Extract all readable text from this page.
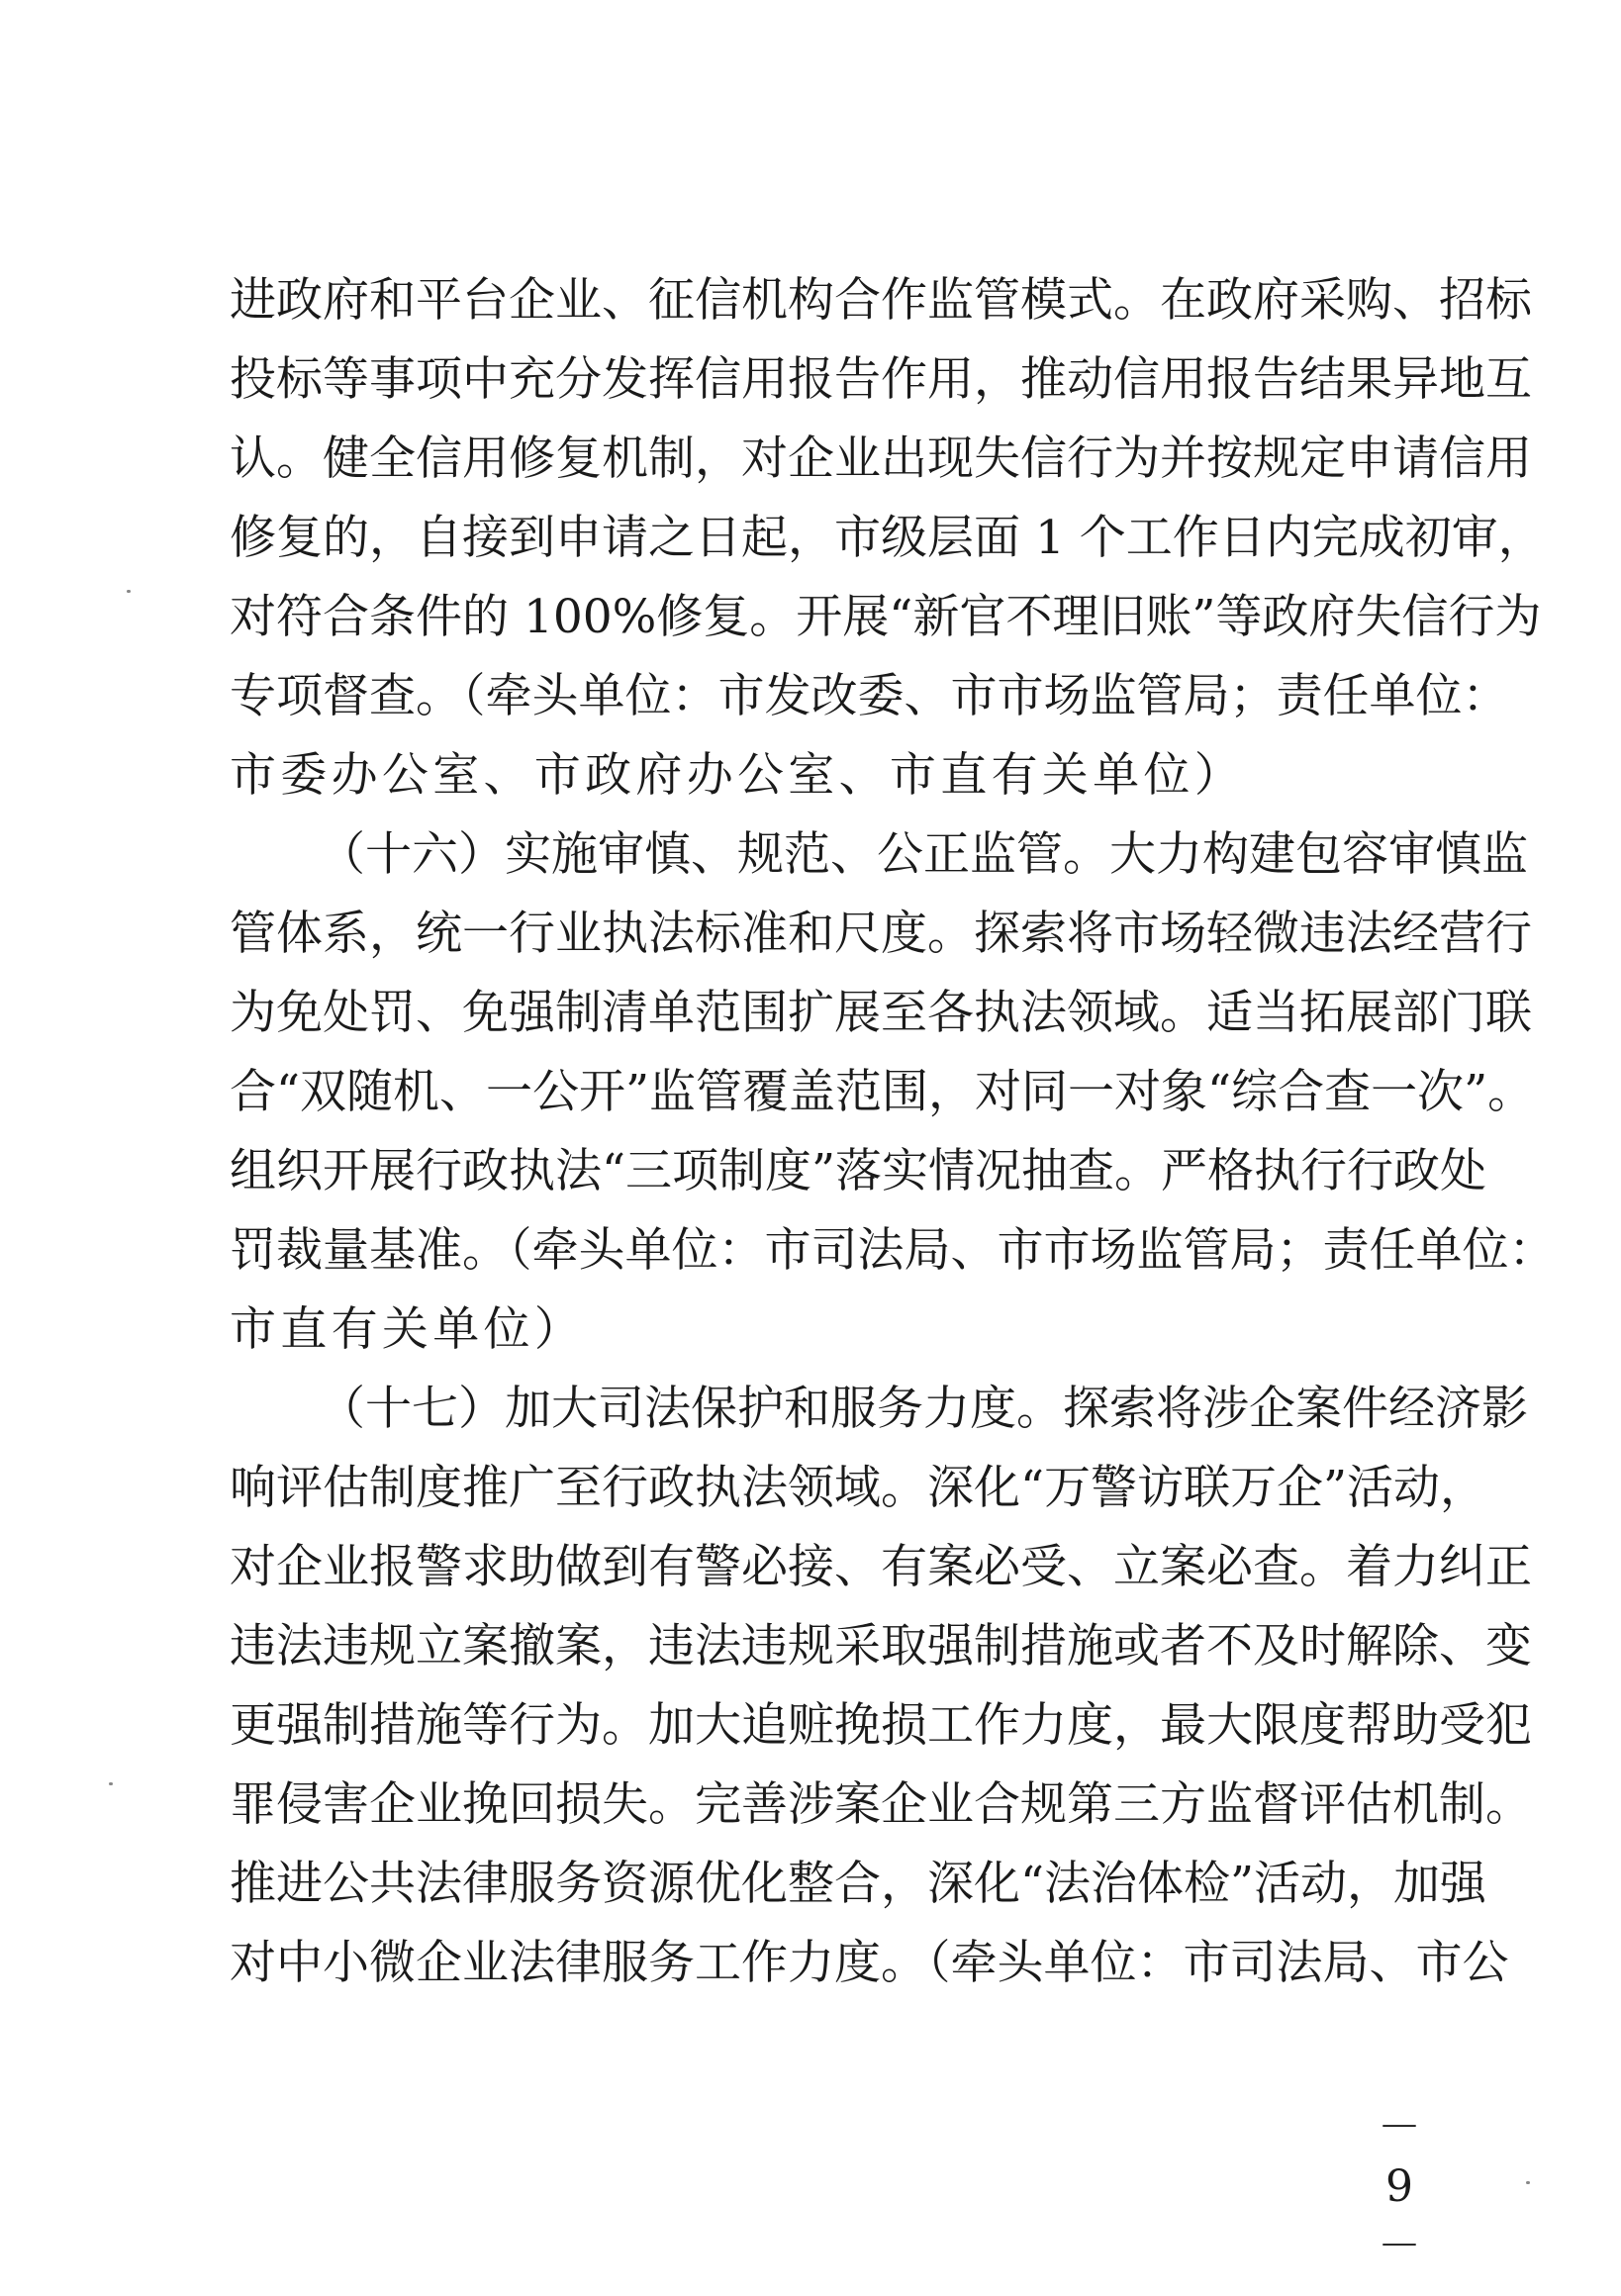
进政府和平台企业、征信机构合作监管模式。在政府采购、招标
投标等事项中充分发挥信用报告作用，推动信用报告结果异地互
认。健全信用修复机制，对企业出现失信行为并按规定申请信用
修复的，自接到申请之日起，市级层面 1 个工作日内完成初审，
对符合条件的 100%修复。开展“新官不理旧账”等政府失信行为
专项督查。（牵头单位：市发改委、市市场监管局；责任单位：
市委办公室、市政府办公室、市直有关单位）
（十六）实施审慎、规范、公正监管。大力构建包容审慎监
管体系，统一行业执法标准和尺度。探索将市场轻微违法经营行
为免处罚、免强制清单范围扩展至各执法领域。适当拓展部门联
合“双随机、一公开”监管覆盖范围，对同一对象“综合查一次”。
组织开展行政执法“三项制度”落实情况抽查。严格执行行政处
罚裁量基准。（牵头单位：市司法局、市市场监管局；责任单位：
市直有关单位）
（十七）加大司法保护和服务力度。探索将涉企案件经济影
响评估制度推广至行政执法领域。深化“万警访联万企”活动，
对企业报警求助做到有警必接、有案必受、立案必查。着力纠正
违法违规立案撤案，违法违规采取强制措施或者不及时解除、变
更强制措施等行为。加大追赃挽损工作力度，最大限度帮助受犯
罪侵害企业挽回损失。完善涉案企业合规第三方监督评估机制。
推进公共法律服务资源优化整合，深化“法治体检”活动，加强
对中小微企业法律服务工作力度。（牵头单位：市司法局、市公
－ 9 －
